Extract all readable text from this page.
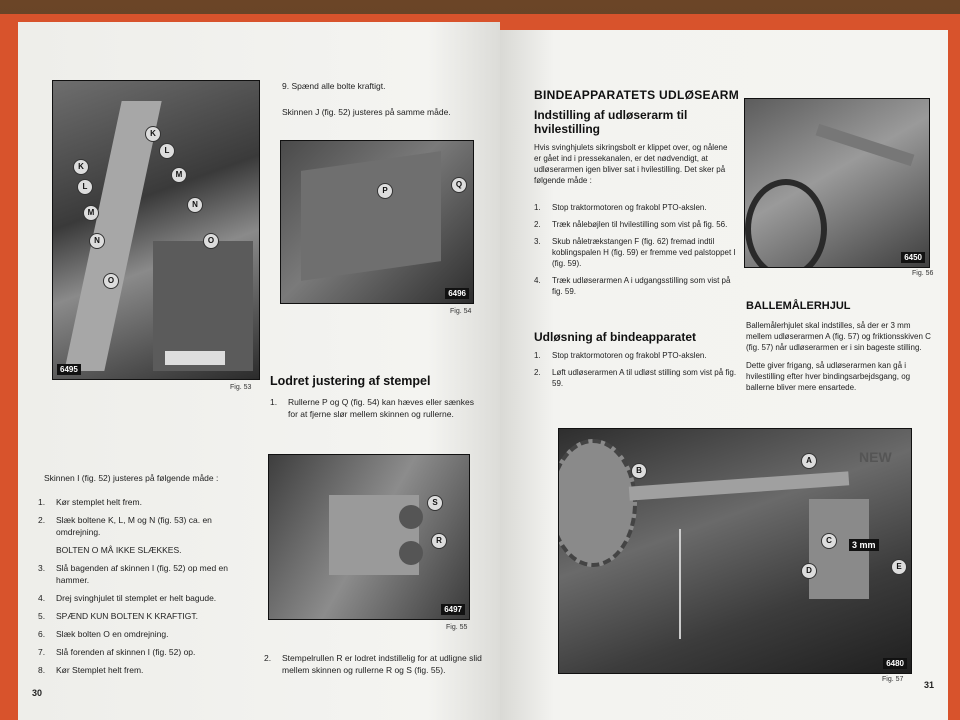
K
L
M
N
O
K
L
M
N
O
6495
Fig. 53
9. Spænd alle bolte kraftigt.
Skinnen J (fig. 52) justeres på samme måde.
P
Q
6496
Fig. 54
Lodret justering af stempel
1.	Rullerne P og Q (fig. 54) kan hæves eller sænkes for at fjerne slør mellem skinnen og rullerne.
S
R
6497
Fig. 55
2.	Stempelrullen R er lodret indstillelig for at udligne slid mellem skinnen og rullerne R og S (fig. 55).
Skinnen I (fig. 52) justeres på følgende måde :
1.	Kør stemplet helt frem.
2.	Slæk boltene K, L, M og N (fig. 53) ca. en omdrejning.
BOLTEN O MÅ IKKE SLÆKKES.
3.	Slå bagenden af skinnen I (fig. 52) op med en hammer.
4.	Drej svinghjulet til stemplet er helt bagude.
5.	SPÆND KUN BOLTEN K KRAFTIGT.
6.	Slæk bolten O en omdrejning.
7.	Slå forenden af skinnen I (fig. 52) op.
8.	Kør Stemplet helt frem.
30
BINDEAPPARATETS UDLØSEARM
Indstilling af udløserarm til hvilestilling
Hvis svinghjulets sikringsbolt er klippet over, og nålene er gået ind i pressekanalen, er det nødvendigt, at udløserarmen igen bliver sat i hvilestilling. Det sker på følgende måde :
1.	Stop traktormotoren og frakobl PTO-akslen.
2.	Træk nålebøjlen til hvilestilling som vist på fig. 56.
3.	Skub nåletrækstangen F (fig. 62) fremad indtil koblingspalen H (fig. 59) er fremme ved palstoppet I (fig. 59).
4.	Træk udløserarmen A i udgangsstilling som vist på fig. 59.
Udløsning af bindeapparatet
1.	Stop traktormotoren og frakobl PTO-akslen.
2.	Løft udløserarmen A til udløst stilling som vist på fig. 59.
6450
Fig. 56
BALLEMÅLERHJUL
Ballemålerhjulet skal indstilles, så der er 3 mm mellem udløserarmen A (fig. 57) og friktionsskiven C (fig. 57) når udløserarmen er i sin bageste stilling.
Dette giver frigang, så udløserarmen kan gå i hvilestilling efter hver bindingsarbejdsgang, og ballerne bliver mere ensartede.
B
A
C
D	E
3 mm
NEW
6480
Fig. 57
31
